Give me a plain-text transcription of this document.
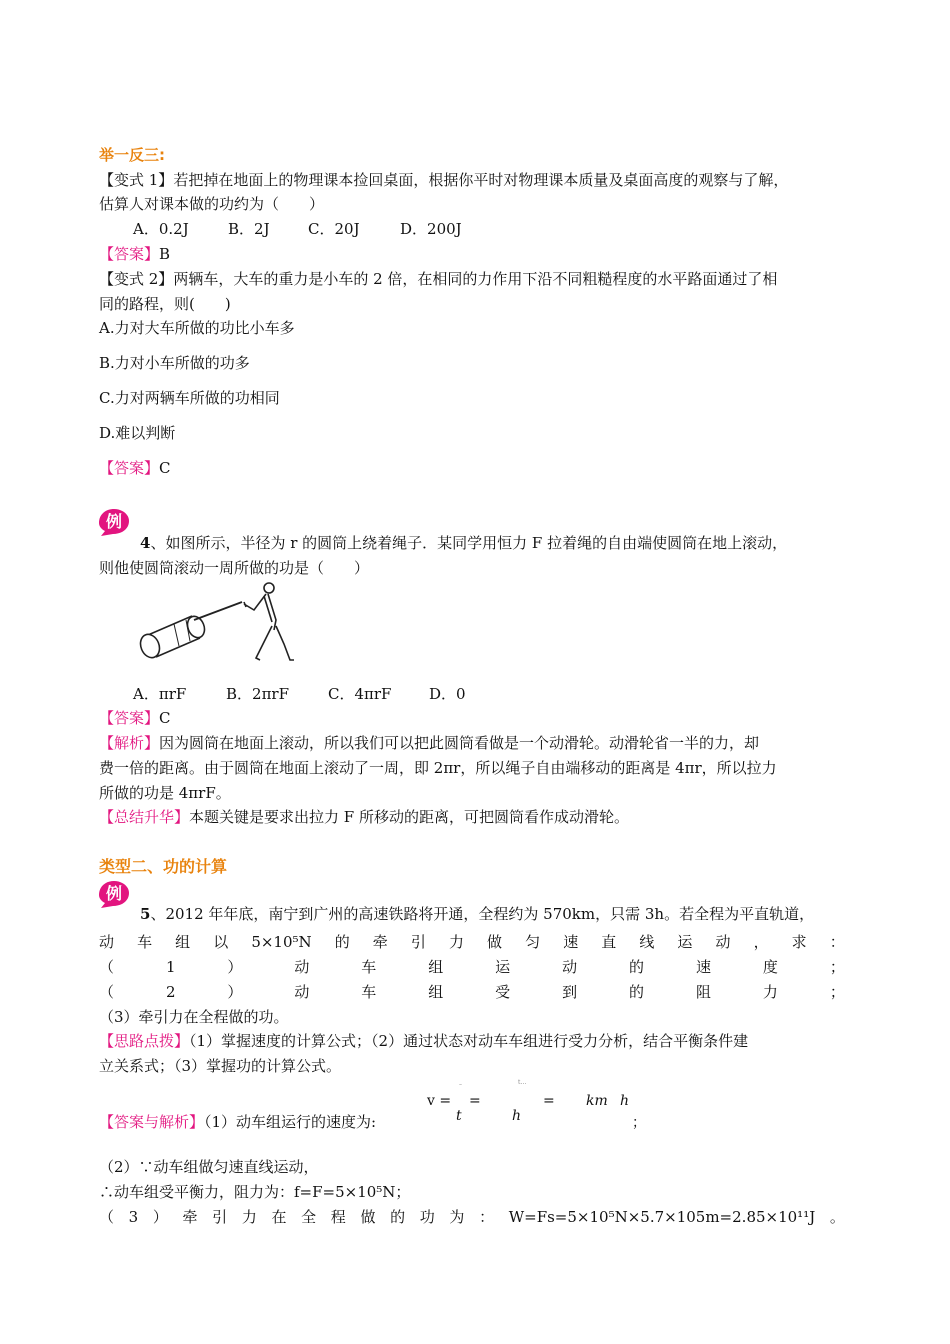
举一反三:
【变式 1】若把掉在地面上的物理课本捡回桌面，根据你平时对物理课本质量及桌面高度的观察与了解，
估算人对课本做的功约为（　　）
A．0.2J	B．2J	C．20J	D．200J
【答案】B
【变式 2】两辆车，大车的重力是小车的 2 倍，在相同的力作用下沿不同粗糙程度的水平路面通过了相
同的路程，则(　　)
A.力对大车所做的功比小车多
B.力对小车所做的功多
C.力对两辆车所做的功相同
D.难以判断
【答案】C
例
4、如图所示，半径为 r 的圆筒上绕着绳子．某同学用恒力 F 拉着绳的自由端使圆筒在地上滚动，
则他使圆筒滚动一周所做的功是（　　）
A．πrF	B．2πrF	C．4πrF	D．0
【答案】C
【解析】因为圆筒在地面上滚动，所以我们可以把此圆筒看做是一个动滑轮。动滑轮省一半的力，却
费一倍的距离。由于圆筒在地面上滚动了一周，即 2πr，所以绳子自由端移动的距离是 4πr，所以拉力
所做的功是 4πrF。
【总结升华】本题关键是要求出拉力 F 所移动的距离，可把圆筒看作成动滑轮。
类型二、功的计算
例
5、2012 年年底，南宁到广州的高速铁路将开通，全程约为 570km，只需 3h。若全程为平直轨道，
动 车 组 以 5×10⁵N 的 牵 引 力 做 匀 速 直 线 运 动 ， 求 ：
（	1	）	动	车	组	运	动	的	速	度	；
（	2	）	动	车	组	受	到	的	阻	力	；
（3）牵引力在全程做的功。
【思路点拨】（1）掌握速度的计算公式；（2）通过状态对动车车组进行受力分析，结合平衡条件建
立关系式；（3）掌握功的计算公式。
–	t…
v = =
t	h
= km h
；
【答案与解析】（1）动车组运行的速度为:
（2）∵动车组做匀速直线运动，
∴动车组受平衡力，阻力为：f=F=5×10⁵N；
（ 3 ） 牵 引 力 在 全 程 做 的 功 为 ： W=Fs=5×10⁵N×5.7×105m=2.85×10¹¹J 。
